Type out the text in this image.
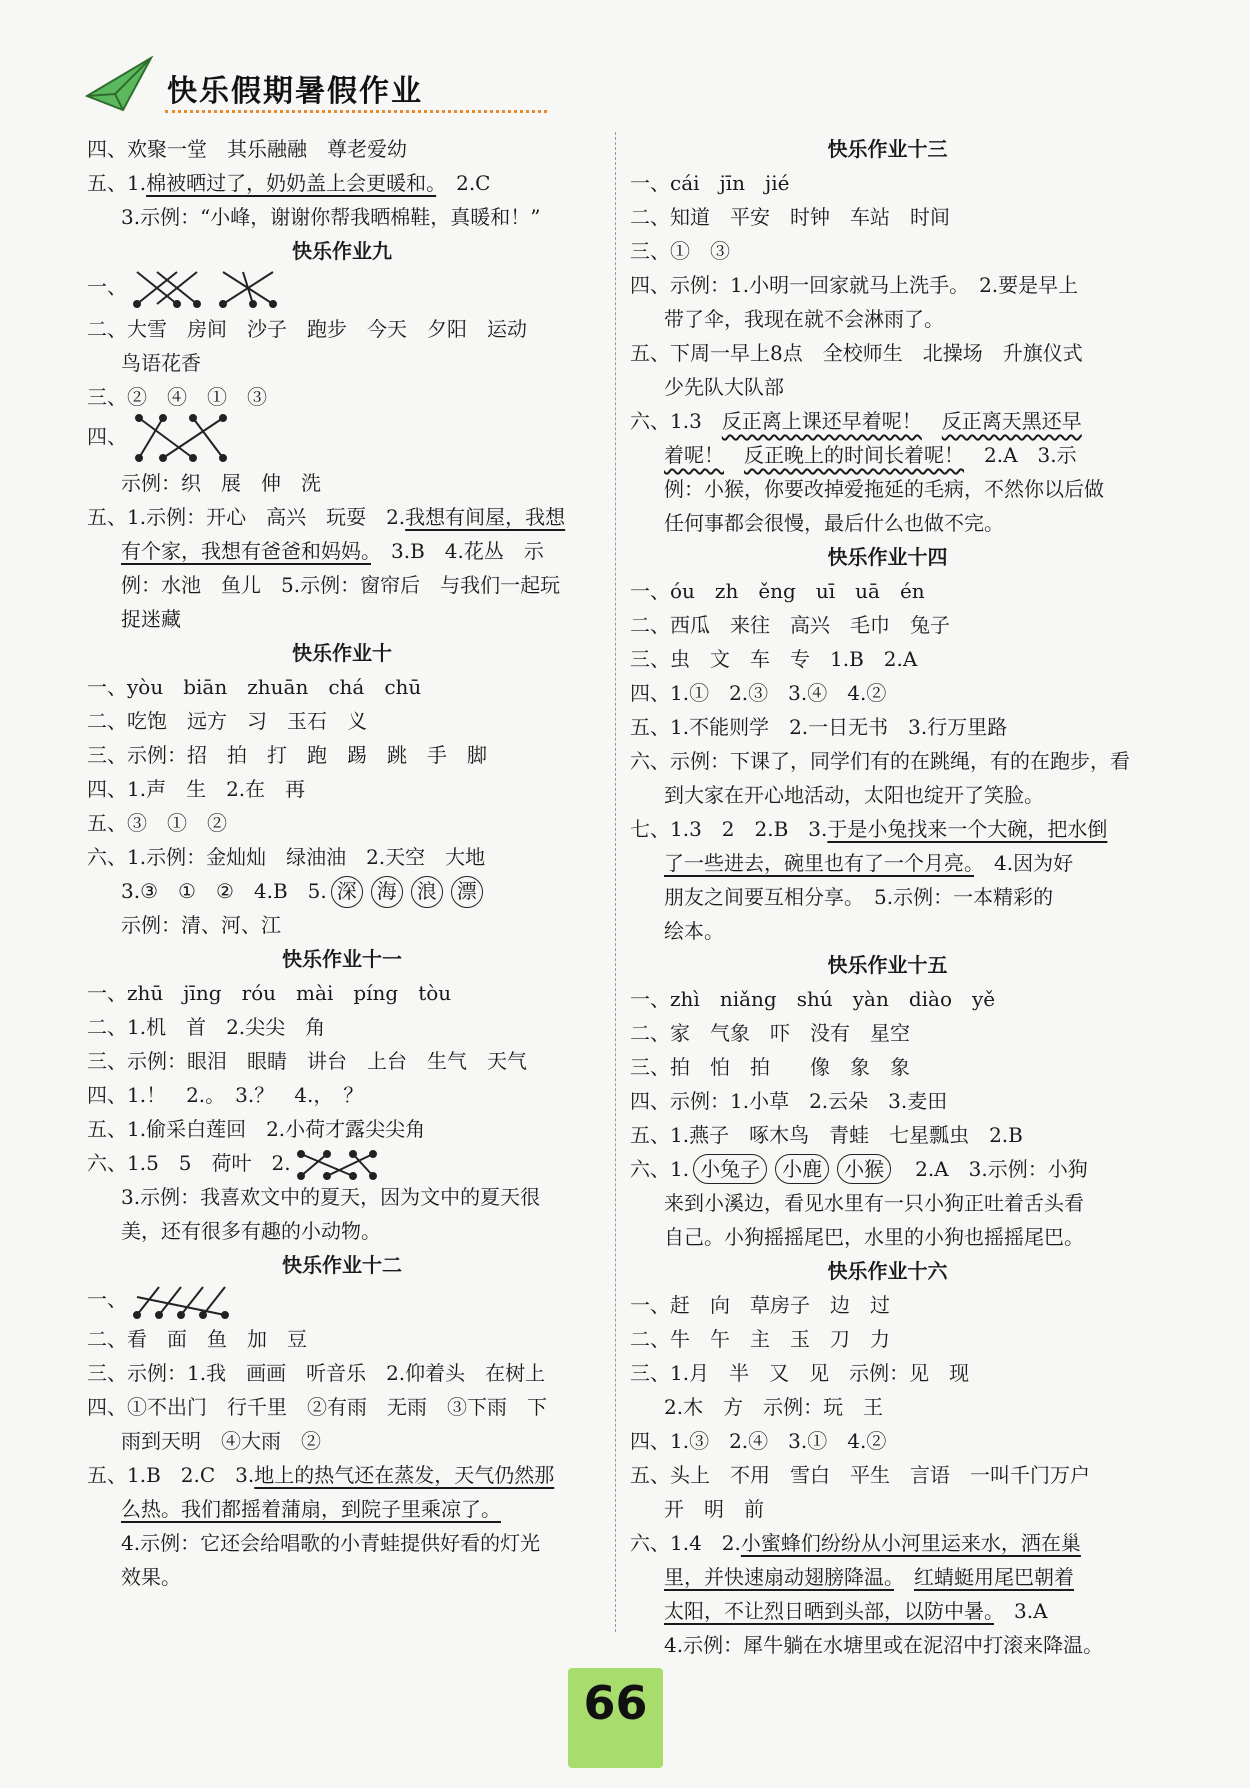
快乐假期暑假作业

四、欢聚一堂　其乐融融　尊老爱幼

五、1.棉被晒过了，奶奶盖上会更暖和。　2.C

3.示例：“小峰，谢谢你帮我晒棉鞋，真暖和！”

快乐作业九

一、

二、大雪　房间　沙子　跑步　今天　夕阳　运动

鸟语花香

三、②　④　①　③

四、

示例：织　展　伸　洗

五、1.示例：开心　高兴　玩耍　2.我想有间屋，我想

有个家，我想有爸爸和妈妈。　3.B　4.花丛　示

例：水池　鱼儿　5.示例：窗帘后　与我们一起玩

捉迷藏

快乐作业十

一、yòu　biān　zhuān　chá　chū

二、吃饱　远方　习　玉石　义

三、示例：招　拍　打　跑　踢　跳　手　脚

四、1.声　生　2.在　再

五、③　①　②

六、1.示例：金灿灿　绿油油　2.天空　大地

3.③　①　②　4.B　5. 深 海 浪 漂

示例：清、河、江

快乐作业十一

一、zhū　jīng　róu　mài　píng　tòu

二、1.机　首　2.尖尖　角

三、示例：眼泪　眼睛　讲台　上台　生气　天气

四、1.！　2.。　3.？　4.，　？

五、1.偷采白莲回　2.小荷才露尖尖角

六、1.5　5　荷叶　2.

3.示例：我喜欢文中的夏天，因为文中的夏天很

美，还有很多有趣的小动物。

快乐作业十二

一、

二、看　面　鱼　加　豆

三、示例：1.我　画画　听音乐　2.仰着头　在树上

四、①不出门　行千里　②有雨　无雨　③下雨　下

雨到天明　④大雨　②

五、1.B　2.C　3.地上的热气还在蒸发，天气仍然那

么热。我们都摇着蒲扇，到院子里乘凉了。

4.示例：它还会给唱歌的小青蛙提供好看的灯光

效果。

快乐作业十三

一、cái　jīn　jié

二、知道　平安　时钟　车站　时间

三、①　③

四、示例：1.小明一回家就马上洗手。　2.要是早上

带了伞，我现在就不会淋雨了。

五、下周一早上8点　全校师生　北操场　升旗仪式

少先队大队部

六、1.3　反正离上课还早着呢！　 反正离天黑还早

着呢！　 反正晚上的时间长着呢！　2.A　3.示

例：小猴，你要改掉爱拖延的毛病，不然你以后做

任何事都会很慢，最后什么也做不完。

快乐作业十四

一、óu　zh　ěng　uī　uā　én

二、西瓜　来往　高兴　毛巾　兔子

三、虫　文　车　专　1.B　2.A

四、1.①　2.③　3.④　4.②

五、1.不能则学　2.一日无书　3.行万里路

六、示例：下课了，同学们有的在跳绳，有的在跑步，看

到大家在开心地活动，太阳也绽开了笑脸。

七、1.3　2　2.B　3.于是小兔找来一个大碗，把水倒

了一些进去，碗里也有了一个月亮。　4.因为好

朋友之间要互相分享。　5.示例：一本精彩的

绘本。

快乐作业十五

一、zhì　niǎng　shú　yàn　diào　yě

二、家　气象　吓　没有　星空

三、拍　怕　拍　　像　象　象

四、示例：1.小草　2.云朵　3.麦田

五、1.燕子　啄木鸟　青蛙　七星瓢虫　2.B

六、1. 小兔子 小鹿 小猴　2.A　3.示例：小狗

来到小溪边，看见水里有一只小狗正吐着舌头看

自己。小狗摇摇尾巴，水里的小狗也摇摇尾巴。

快乐作业十六

一、赶　向　草房子　边　过

二、牛　午　主　玉　刀　力

三、1.月　半　又　见　示例：见　现

2.木　方　示例：玩　王

四、1.③　2.④　3.①　4.②

五、头上　不用　雪白　平生　言语　一叫千门万户

开　明　前

六、1.4　2.小蜜蜂们纷纷从小河里运来水，洒在巢

里，并快速扇动翅膀降温。　 红蜻蜓用尾巴朝着

太阳，不让烈日晒到头部，以防中暑。　3.A

4.示例：犀牛躺在水塘里或在泥沼中打滚来降温。

66
